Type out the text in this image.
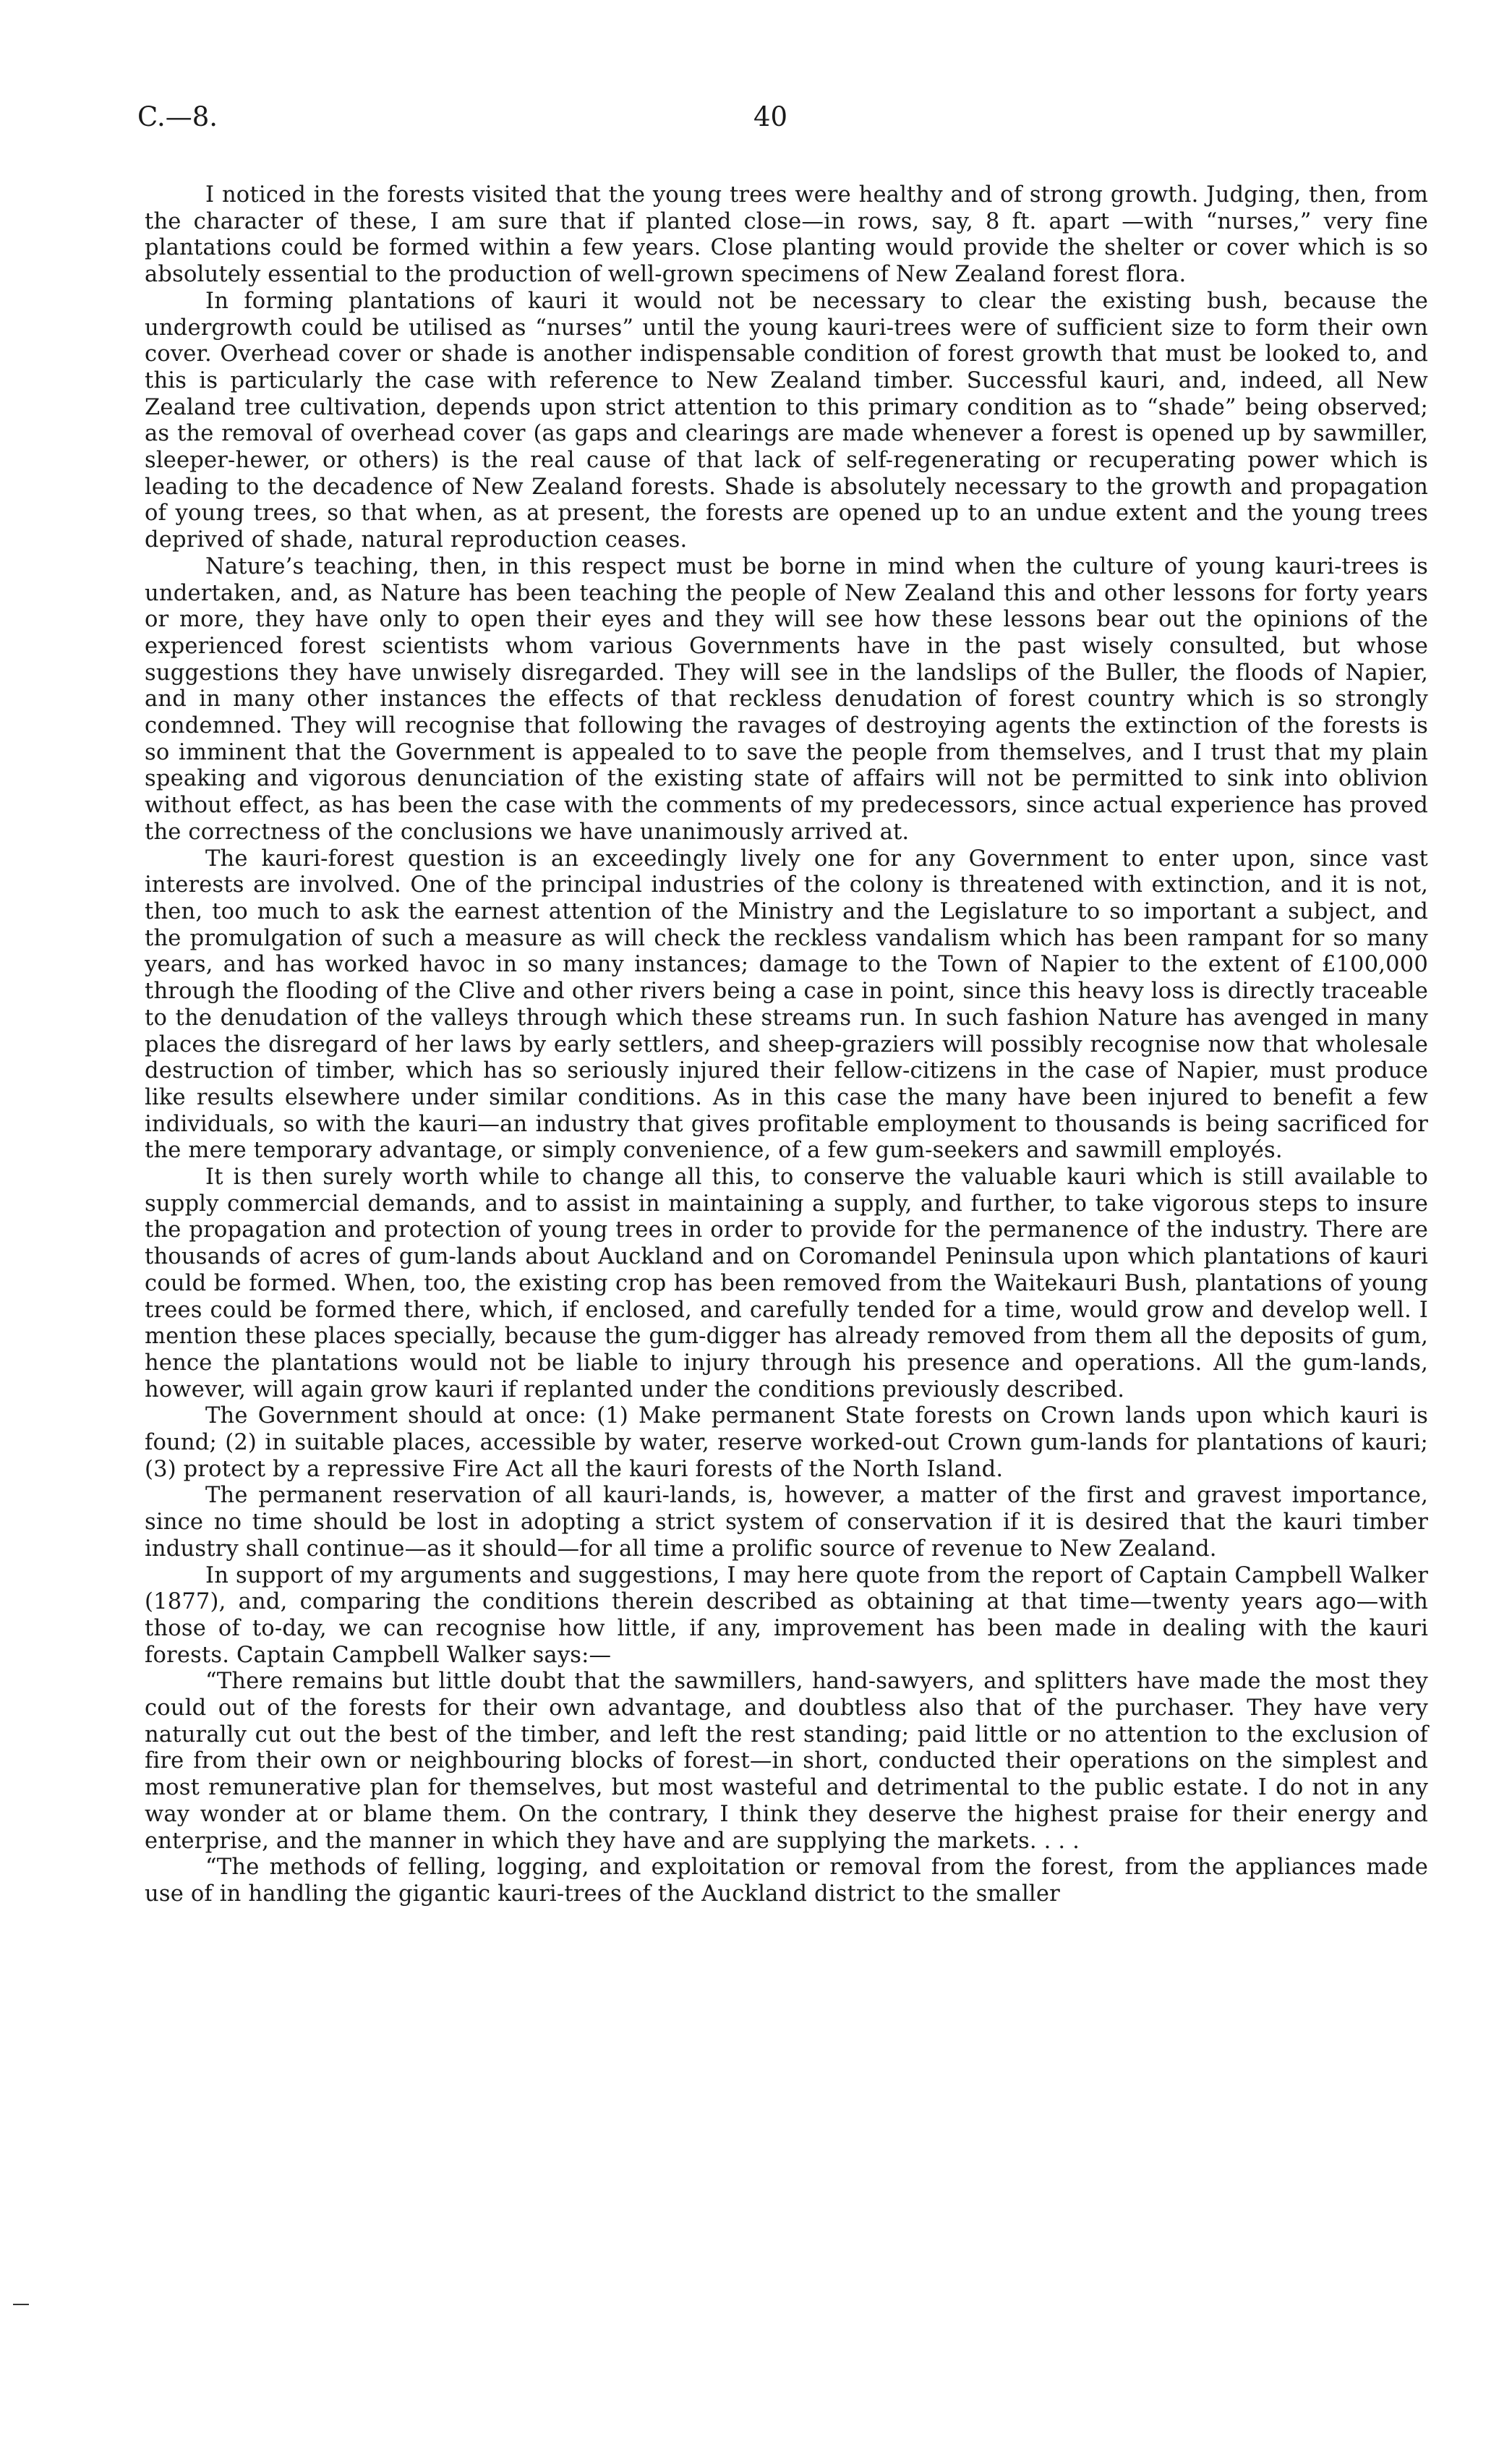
C.—8.	40

I noticed in the forests visited that the young trees were healthy and of strong growth. Judging, then, from the character of these, I am sure that if planted close—in rows, say, 8 ft. apart —with “nurses,” very fine plantations could be formed within a few years. Close planting would provide the shelter or cover which is so absolutely essential to the production of well-grown specimens of New Zealand forest flora.

In forming plantations of kauri it would not be necessary to clear the existing bush, because the undergrowth could be utilised as “nurses” until the young kauri-trees were of sufficient size to form their own cover. Overhead cover or shade is another indispensable condition of forest growth that must be looked to, and this is particularly the case with reference to New Zealand timber. Successful kauri, and, indeed, all New Zealand tree cultivation, depends upon strict attention to this primary condition as to “shade” being observed; as the removal of overhead cover (as gaps and clearings are made whenever a forest is opened up by sawmiller, sleeper-hewer, or others) is the real cause of that lack of self-regenerating or recuperating power which is leading to the decadence of New Zealand forests. Shade is absolutely necessary to the growth and propagation of young trees, so that when, as at present, the forests are opened up to an undue extent and the young trees deprived of shade, natural reproduction ceases.

Nature’s teaching, then, in this respect must be borne in mind when the culture of young kauri-trees is undertaken, and, as Nature has been teaching the people of New Zealand this and other lessons for forty years or more, they have only to open their eyes and they will see how these lessons bear out the opinions of the experienced forest scientists whom various Governments have in the past wisely consulted, but whose suggestions they have unwisely disregarded. They will see in the landslips of the Buller, the floods of Napier, and in many other instances the effects of that reckless denudation of forest country which is so strongly condemned. They will recognise that following the ravages of destroying agents the extinction of the forests is so imminent that the Government is appealed to to save the people from themselves, and I trust that my plain speaking and vigorous denunciation of the existing state of affairs will not be permitted to sink into oblivion without effect, as has been the case with the comments of my predecessors, since actual experience has proved the correctness of the conclusions we have unanimously arrived at.

The kauri-forest question is an exceedingly lively one for any Government to enter upon, since vast interests are involved. One of the principal industries of the colony is threatened with extinction, and it is not, then, too much to ask the earnest attention of the Ministry and the Legislature to so important a subject, and the promulgation of such a measure as will check the reckless vandalism which has been rampant for so many years, and has worked havoc in so many instances; damage to the Town of Napier to the extent of £100,000 through the flooding of the Clive and other rivers being a case in point, since this heavy loss is directly traceable to the denudation of the valleys through which these streams run. In such fashion Nature has avenged in many places the disregard of her laws by early settlers, and sheep-graziers will possibly recognise now that wholesale destruction of timber, which has so seriously injured their fellow-citizens in the case of Napier, must produce like results elsewhere under similar conditions. As in this case the many have been injured to benefit a few individuals, so with the kauri—an industry that gives profitable employment to thousands is being sacrificed for the mere temporary advantage, or simply convenience, of a few gum-seekers and sawmill employés.

It is then surely worth while to change all this, to conserve the valuable kauri which is still available to supply commercial demands, and to assist in maintaining a supply, and further, to take vigorous steps to insure the propagation and protection of young trees in order to provide for the permanence of the industry. There are thousands of acres of gum-lands about Auckland and on Coromandel Peninsula upon which plantations of kauri could be formed. When, too, the existing crop has been removed from the Waitekauri Bush, plantations of young trees could be formed there, which, if enclosed, and carefully tended for a time, would grow and develop well. I mention these places specially, because the gum-digger has already removed from them all the deposits of gum, hence the plantations would not be liable to injury through his presence and operations. All the gum-lands, however, will again grow kauri if replanted under the conditions previously described.

The Government should at once: (1) Make permanent State forests on Crown lands upon which kauri is found; (2) in suitable places, accessible by water, reserve worked-out Crown gum-lands for plantations of kauri; (3) protect by a repressive Fire Act all the kauri forests of the North Island.

The permanent reservation of all kauri-lands, is, however, a matter of the first and gravest importance, since no time should be lost in adopting a strict system of conservation if it is desired that the kauri timber industry shall continue—as it should—for all time a prolific source of revenue to New Zealand.

In support of my arguments and suggestions, I may here quote from the report of Captain Campbell Walker (1877), and, comparing the conditions therein described as obtaining at that time—twenty years ago—with those of to-day, we can recognise how little, if any, improvement has been made in dealing with the kauri forests. Captain Campbell Walker says:—

“There remains but little doubt that the sawmillers, hand-sawyers, and splitters have made the most they could out of the forests for their own advantage, and doubtless also that of the purchaser. They have very naturally cut out the best of the timber, and left the rest standing; paid little or no attention to the exclusion of fire from their own or neighbouring blocks of forest—in short, conducted their operations on the simplest and most remunerative plan for themselves, but most wasteful and detrimental to the public estate. I do not in any way wonder at or blame them. On the contrary, I think they deserve the highest praise for their energy and enterprise, and the manner in which they have and are supplying the markets. . . .

“The methods of felling, logging, and exploitation or removal from the forest, from the appliances made use of in handling the gigantic kauri-trees of the Auckland district to the smaller
